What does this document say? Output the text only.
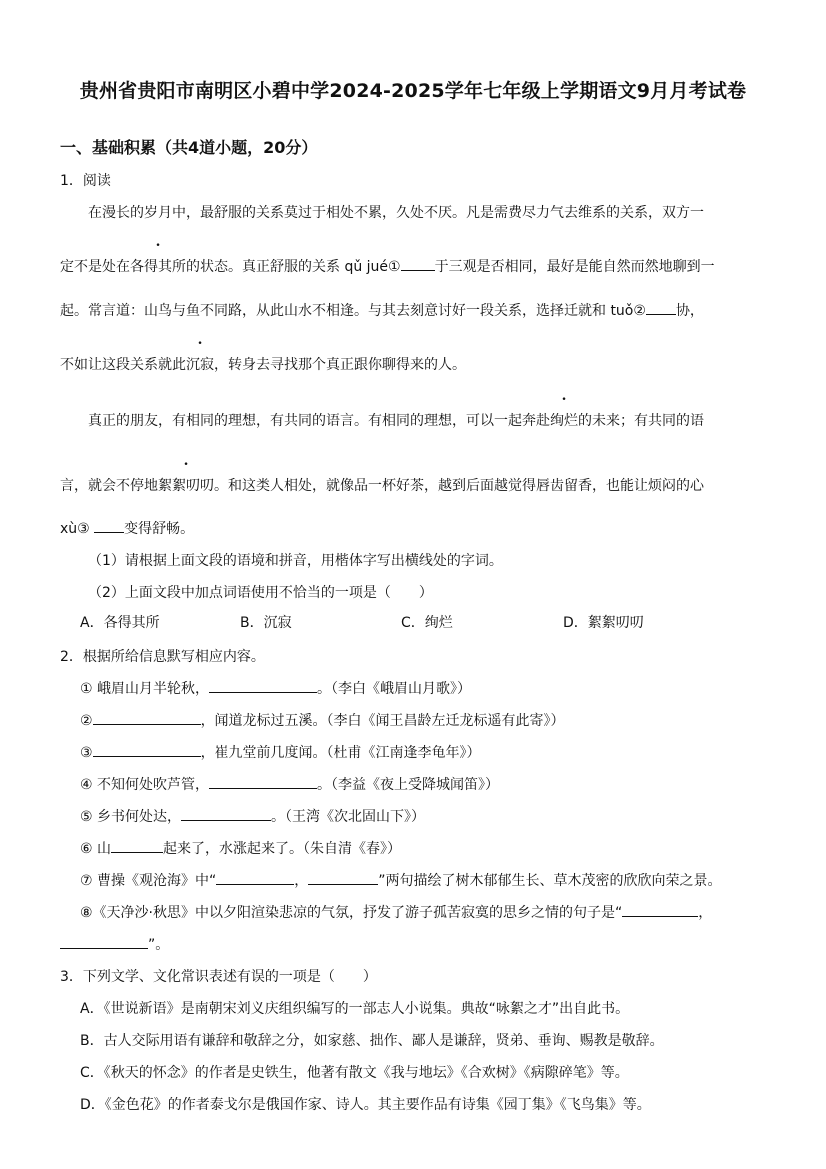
贵州省贵阳市南明区小碧中学2024-2025学年七年级上学期语文9月月考试卷
一、基础积累（共4道小题，20分）
1．阅读
在漫长的岁月中，最舒服的关系莫过于相处不累，久处不厌。凡是需费尽力气去维系的关系，双方一
定不是处在各得其所的状态。真正舒服的关系 qǔ jué① 于三观是否相同，最好是能自然而然地聊到一
起。常言道：山鸟与鱼不同路，从此山水不相逢。与其去刻意讨好一段关系，选择迁就和 tuǒ② 协，
不如让这段关系就此沉寂，转身去寻找那个真正跟你聊得来的人。
真正的朋友，有相同的理想，有共同的语言。有相同的理想，可以一起奔赴绚烂的未来；有共同的语
言，就会不停地絮絮叨叨。和这类人相处，就像品一杯好茶，越到后面越觉得唇齿留香，也能让烦闷的心
xù③ 变得舒畅。
（1）请根据上面文段的语境和拼音，用楷体字写出横线处的字词。
（2）上面文段中加点词语使用不恰当的一项是（　　）
A．各得其所	B．沉寂	C．绚烂	D．絮絮叨叨
2．根据所给信息默写相应内容。
① 峨眉山月半轮秋，	。（李白《峨眉山月歌》）
②	，闻道龙标过五溪。（李白《闻王昌龄左迁龙标遥有此寄》）
③	，崔九堂前几度闻。（杜甫《江南逢李龟年》）
④ 不知何处吹芦管，	。（李益《夜上受降城闻笛》）
⑤ 乡书何处达，	。（王湾《次北固山下》）
⑥ 山	起来了，水涨起来了。（朱自清《春》）
⑦ 曹操《观沧海》中“	，	”两句描绘了树木郁郁生长、草木茂密的欣欣向荣之景。
⑧《天净沙·秋思》中以夕阳渲染悲凉的气氛，抒发了游子孤苦寂寞的思乡之情的句子是“	，
”。
3．下列文学、文化常识表述有误的一项是（　　）
A．《世说新语》是南朝宋刘义庆组织编写的一部志人小说集。典故“咏絮之才”出自此书。
B．古人交际用语有谦辞和敬辞之分，如家慈、拙作、鄙人是谦辞，贤弟、垂询、赐教是敬辞。
C．《秋天的怀念》的作者是史铁生，他著有散文《我与地坛》《合欢树》《病隙碎笔》等。
D．《金色花》的作者泰戈尔是俄国作家、诗人。其主要作品有诗集《园丁集》《飞鸟集》等。
